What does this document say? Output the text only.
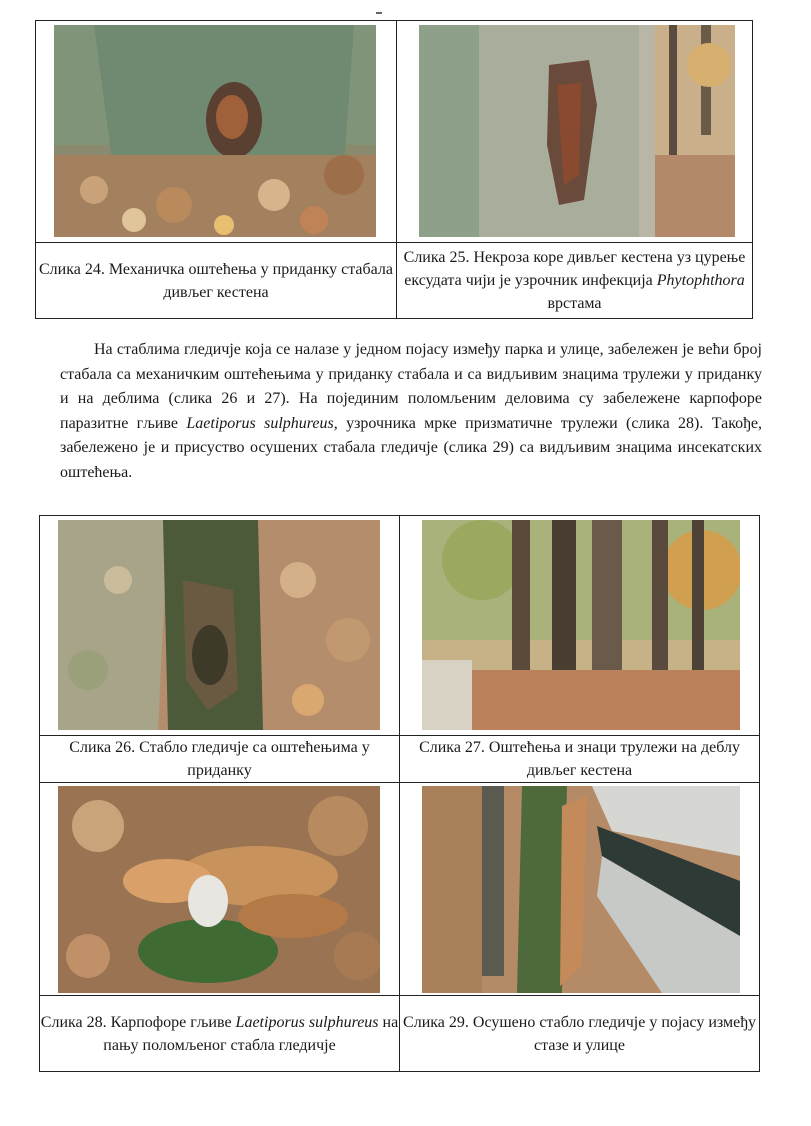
Слика 24. Механичка оштећења у приданку стабала дивљег кестена	Слика 25. Некроза коре дивљег кестена уз цурење ексудата чији је узрочник инфекција Phytophthora врстама

На стаблима гледичје која се налазе у једном појасу између парка и улице, забележен је већи број стабала са механичким оштећењима у приданку стабала и са видљивим знацима трулежи у приданку и на деблима (слика 26 и 27). На појединим поломљеним деловима су забележене карпофоре паразитне гљиве Laetiporus sulphureus, узрочника мрке призматичне трулежи (слика 28). Такође, забележено је и присуство осушених стабала гледичје (слика 29) са видљивим знацима инсекатских оштећења.

Слика 26. Стабло гледичје са оштећењима у приданку	Слика 27. Оштећења и знаци трулежи на деблу дивљег кестена

Слика 28. Карпофоре гљиве Laetiporus sulphureus на пању поломљеног стабла гледичје	Слика 29. Осушено стабло гледичје у појасу између стазе и улице
